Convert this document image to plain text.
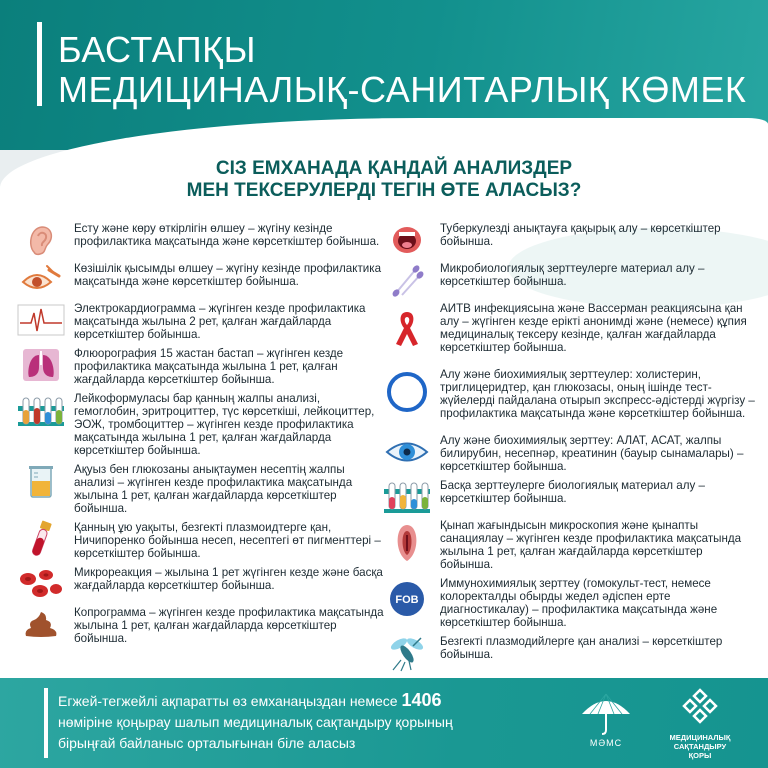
БАСТАПҚЫ
МЕДИЦИНАЛЫҚ-САНИТАРЛЫҚ КӨМЕК
СІЗ ЕМХАНАДА ҚАНДАЙ АНАЛИЗДЕР
МЕН ТЕКСЕРУЛЕРДІ ТЕГІН ӨТЕ АЛАСЫЗ?
Есту және көру өткірлігін өлшеу – жүгіну кезінде профилактика мақсатында және көрсеткіштер бойынша.
Көзішілік қысымды өлшеу – жүгіну кезінде профилактика мақсатында және көрсеткіштер бойынша.
Электрокардиограмма – жүгінген кезде профилактика мақсатында жылына 2 рет, қалған жағдайларда көрсеткіштер бойынша.
Флюорография 15 жастан бастап – жүгінген кезде профилактика мақсатында жылына 1 рет, қалған жағдайларда көрсеткіштер бойынша.
Лейкоформуласы бар қанның жалпы анализі, гемоглобин, эритроциттер, түс көрсеткіші, лейкоциттер, ЭОЖ, тромбоциттер – жүгінген кезде профилактика мақсатында жылына 1 рет, қалған жағдайларда көрсеткіштер бойынша.
Ақуыз бен глюкозаны анықтаумен несептің жалпы анализі – жүгінген кезде профилактика мақсатында жылына 1 рет, қалған жағдайларда көрсеткіштер бойынша.
Қанның ұю уақыты, безгекті плазмоидтерге қан, Ничипоренко бойынша несеп, несептегі өт пигменттері – көрсеткіштер бойынша.
Микрореакция – жылына 1 рет жүгінген кезде және басқа жағдайларда көрсеткіштер бойынша.
Копрограмма – жүгінген кезде профилактика мақсатында жылына 1 рет, қалған жағдайларда көрсеткіштер бойынша.
Туберкулезді анықтауға қақырық алу – көрсеткіштер бойынша.
Микробиологиялық зерттеулерге материал алу – көрсеткіштер бойынша.
АИТВ инфекциясына және Вассерман реакциясына қан алу – жүгінген кезде ерікті анонимді және (немесе) құпия медициналық тексеру кезінде, қалған жағдайларда көрсеткіштер бойынша.
Алу және биохимиялық зерттеулер: холистерин, триглицеридтер, қан глюкозасы, оның ішінде тест-жүйелерді пайдалана отырып экспресс-әдістерді жүргізу – профилактика мақсатында және көрсеткіштер бойынша.
Алу және биохимиялық зерттеу: АЛАТ, АСАТ, жалпы билирубин, несепнәр, креатинин (бауыр сынамалары) – көрсеткіштер бойынша.
Басқа зерттеулерге биологиялық материал алу – көрсеткіштер бойынша.
Қынап жағындысын микроскопия және қынапты санациялау – жүгінген кезде профилактика мақсатында жылына 1 рет, қалған жағдайларда көрсеткіштер бойынша.
FOB
Иммунохимиялық зерттеу (гомокульт-тест, немесе колоректалды обырды жедел әдіспен ерте диагностикалау) – профилактика мақсатында және көрсеткіштер бойынша.
Безгекті плазмодийлерге қан анализі – көрсеткіштер бойынша.
Егжей-тегжейлі ақпаратты өз емханаңыздан немесе 1406 нөміріне қоңырау шалып медициналық сақтандыру қорының бірыңғай байланыс орталығынан біле аласыз	МӘМС
МЕДИЦИНАЛЫҚ
САҚТАНДЫРУ
ҚОРЫ
